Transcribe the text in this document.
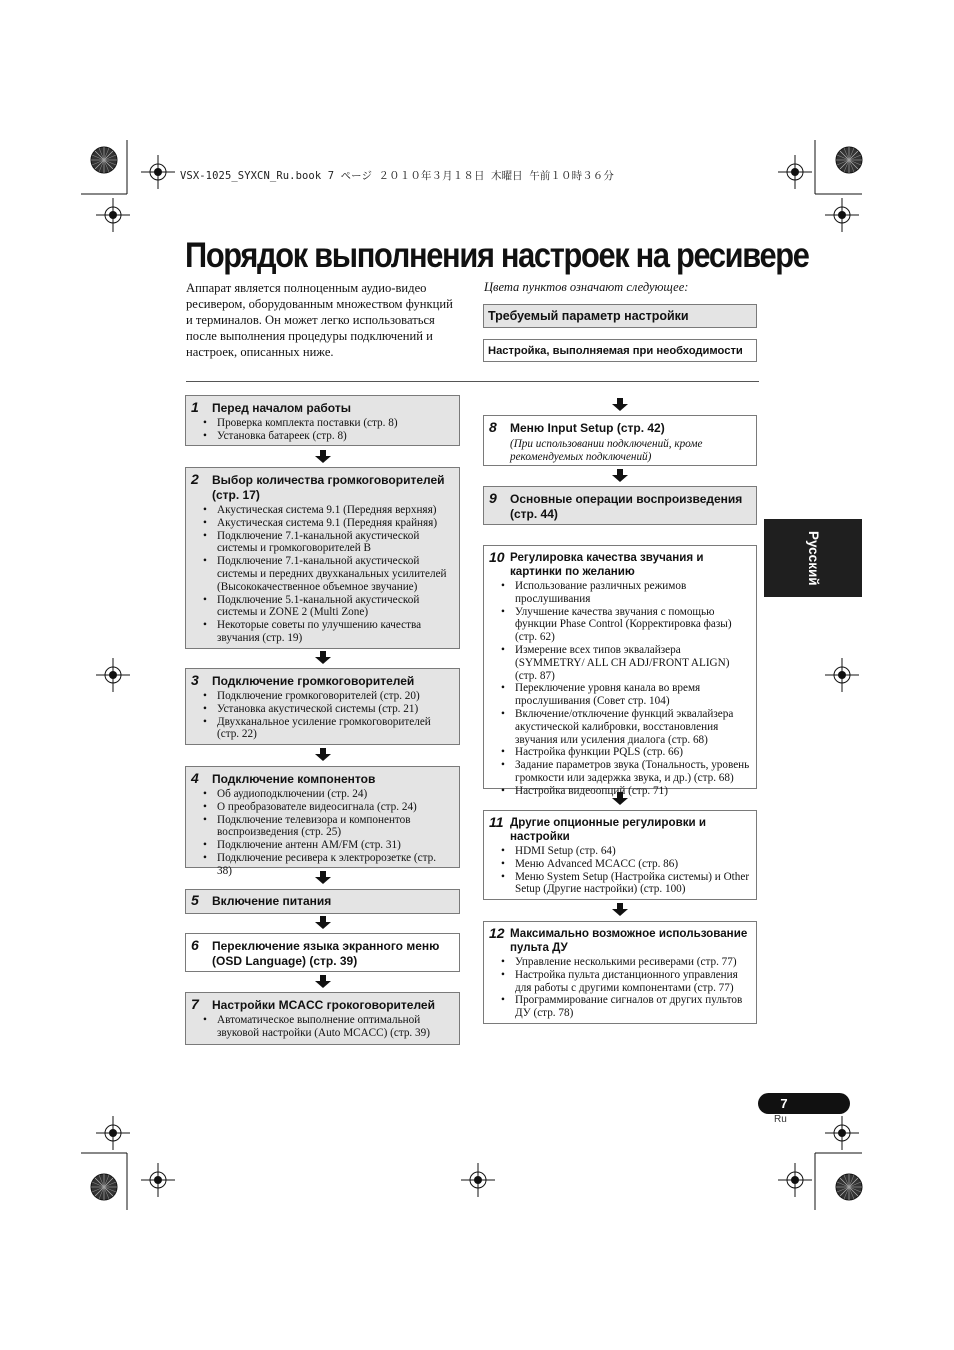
VSX-1025_SYXCN_Ru.book 7 ページ ２０１０年３月１８日 木曜日 午前１０時３６分
Порядок выполнения настроек на ресивере
Аппарат является полноценным аудио-видео ресивером, оборудованным множеством функций и терминалов. Он может легко использоваться после выполнения процедуры подключений и настроек, описанных ниже.
Цвета пунктов означают следующее:
Требуемый параметр настройки
Настройка, выполняемая при необходимости
1	Перед началом работы
• Проверка комплекта поставки (стр. 8)
• Установка батареек (стр. 8)
2	Выбор количества громкоговорителей (стр. 17)
• Акустическая система 9.1 (Передняя верхняя)
• Акустическая система 9.1 (Передняя крайняя)
• Подключение 7.1-канальной акустической системы и громкоговорителей B
• Подключение 7.1-канальной акустической системы и передних двухканальных усилителей (Высококачественное объемное звучание)
• Подключение 5.1-канальной акустической системы и ZONE 2 (Multi Zone)
• Некоторые советы по улучшению качества звучания (стр. 19)
3	Подключение громкоговорителей
• Подключение громкоговорителей (стр. 20)
• Установка акустической системы (стр. 21)
• Двухканальное усиление громкоговорителей (стр. 22)
4	Подключение компонентов
• Об аудиоподключении (стр. 24)
• О преобразователе видеосигнала (стр. 24)
• Подключение телевизора и компонентов воспроизведения (стр. 25)
• Подключение антенн AM/FM (стр. 31)
• Подключение ресивера к электророзетке (стр. 38)
5	Включение питания
6	Переключение языка экранного меню (OSD Language) (стр. 39)
7	Настройки MCACC грокоговорителей
• Автоматическое выполнение оптимальной звуковой настройки (Auto MCACC) (стр. 39)
8	Меню Input Setup (стр. 42)
(При использовании подключений, кроме рекомендуемых подключений)
9	Основные операции воспроизведения (стр. 44)
10 Регулировка качества звучания и картинки по желанию
• Использование различных режимов прослушивания
• Улучшение качества звучания с помощью функции Phase Control (Корректировка фазы) (стр. 62)
• Измерение всех типов эквалайзера (SYMMETRY/ ALL CH ADJ/FRONT ALIGN) (стр. 87)
• Переключение уровня канала во время прослушивания (Совет стр. 104)
• Включение/отключение функций эквалайзера акустической калибровки, восстановления звучания или усиления диалога (стр. 68)
• Настройка функции PQLS (стр. 66)
• Задание параметров звука (Тональность, уровень громкости или задержка звука, и др.) (стр. 68)
• Настройка видеоопций (стр. 71)
11 Другие опционные регулировки и настройки
• HDMI Setup (стр. 64)
• Меню Advanced MCACC (стр. 86)
• Меню System Setup (Настройка системы) и Other Setup (Другие настройки) (стр. 100)
12 Максимально возможное использование пульта ДУ
• Управление несколькими ресиверами (стр. 77)
• Настройка пульта дистанционного управления для работы с другими компонентами (стр. 77)
• Программирование сигналов от других пультов ДУ (стр. 78)
Русский
7
Ru
